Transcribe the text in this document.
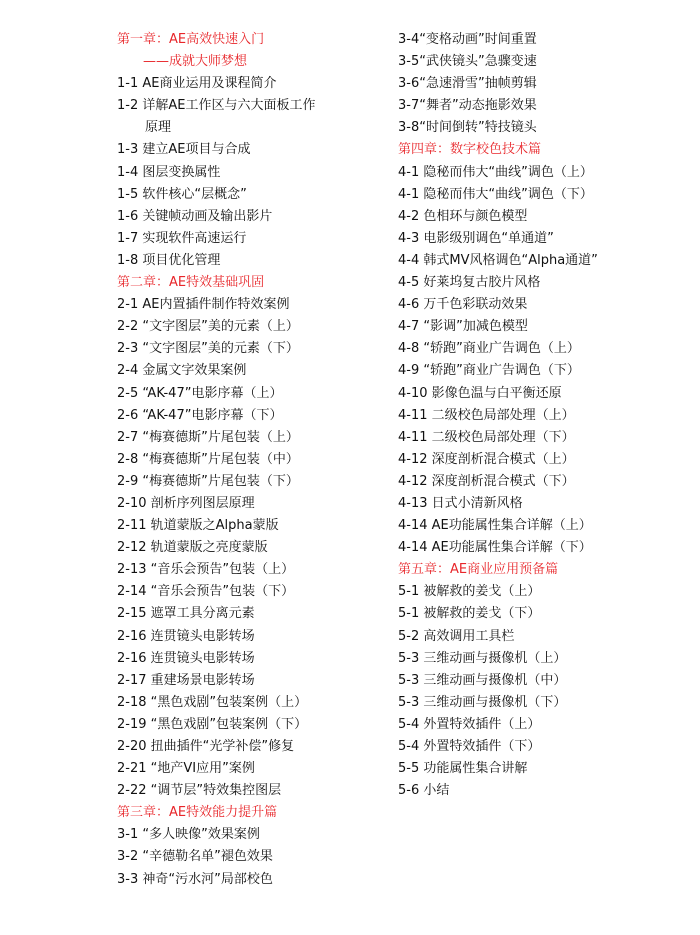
第一章：AE高效快速入门
——成就大师梦想
1-1 AE商业运用及课程简介
1-2 详解AE工作区与六大面板工作
原理
1-3 建立AE项目与合成
1-4 图层变换属性
1-5 软件核心“层概念”
1-6 关键帧动画及输出影片
1-7 实现软件高速运行
1-8 项目优化管理
第二章：AE特效基础巩固
2-1 AE内置插件制作特效案例
2-2 “文字图层”美的元素（上）
2-3 “文字图层”美的元素（下）
2-4 金属文字效果案例
2-5 “AK-47”电影序幕（上）
2-6 “AK-47”电影序幕（下）
2-7 “梅赛德斯”片尾包装（上）
2-8 “梅赛德斯”片尾包装（中）
2-9 “梅赛德斯”片尾包装（下）
2-10 剖析序列图层原理
2-11 轨道蒙版之Alpha蒙版
2-12 轨道蒙版之亮度蒙版
2-13 “音乐会预告”包装（上）
2-14 “音乐会预告”包装（下）
2-15 遮罩工具分离元素
2-16 连贯镜头电影转场
2-16 连贯镜头电影转场
2-17 重建场景电影转场
2-18 “黑色戏剧”包装案例（上）
2-19 “黑色戏剧”包装案例（下）
2-20 扭曲插件“光学补偿”修复
2-21 “地产VI应用”案例
2-22 “调节层”特效集控图层
第三章：AE特效能力提升篇
3-1 “多人映像”效果案例
3-2 “辛德勒名单”褪色效果
3-3 神奇“污水河”局部校色
3-4“变格动画”时间重置
3-5“武侠镜头”急骤变速
3-6“急速滑雪”抽帧剪辑
3-7“舞者”动态拖影效果
3-8“时间倒转”特技镜头
第四章：数字校色技术篇
4-1 隐秘而伟大“曲线”调色（上）
4-1 隐秘而伟大“曲线”调色（下）
4-2 色相环与颜色模型
4-3 电影级别调色“单通道”
4-4 韩式MV风格调色“Alpha通道”
4-5 好莱坞复古胶片风格
4-6 万千色彩联动效果
4-7 “影调”加减色模型
4-8 “轿跑”商业广告调色（上）
4-9 “轿跑”商业广告调色（下）
4-10 影像色温与白平衡还原
4-11 二级校色局部处理（上）
4-11 二级校色局部处理（下）
4-12 深度剖析混合模式（上）
4-12 深度剖析混合模式（下）
4-13 日式小清新风格
4-14 AE功能属性集合详解（上）
4-14 AE功能属性集合详解（下）
第五章：AE商业应用预备篇
5-1 被解救的姜戈（上）
5-1 被解救的姜戈（下）
5-2 高效调用工具栏
5-3 三维动画与摄像机（上）
5-3 三维动画与摄像机（中）
5-3 三维动画与摄像机（下）
5-4 外置特效插件（上）
5-4 外置特效插件（下）
5-5 功能属性集合讲解
5-6 小结
